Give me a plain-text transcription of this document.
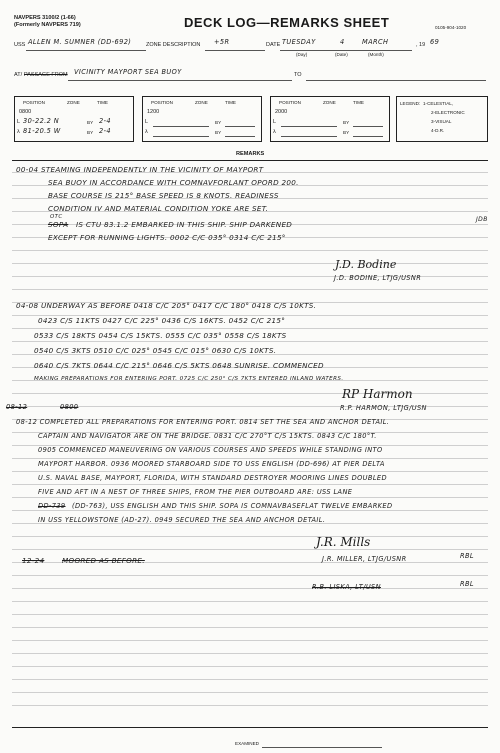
NAVPERS 3100/2 (1-66)
(Formerly NAVPERS 719)	DECK LOG—REMARKS SHEET	0105-904-1020
USS ALLEN M. SUMNER (DD-692)	ZONE DESCRIPTION +5R	DATE TUESDAY	4	MARCH	, 19 69
(Day)	(Date)	(Month)
AT/ PASSAGE FROM VICINITY MAYPORT SEA BUOY	TO
POSITION	ZONE	TIME
0800
L 30-22.2 N	BY 2-4
λ 81-20.5 W	BY 2-4
POSITION	ZONE	TIME
1200
L	BY
λ	BY
POSITION	ZONE	TIME
2000
L	BY
λ	BY
LEGEND: 1-CELESTIAL,
2-ELECTRONIC
3-VISUAL
4-D.R.
REMARKS
00-04 STEAMING INDEPENDENTLY IN THE VICINITY OF MAYPORT
SEA BUOY IN ACCORDANCE WITH COMNAVFORLANT OPORD 200.
BASE COURSE IS 215° BASE SPEED IS 8 KNOTS. READINESS
CONDITION IV AND MATERIAL CONDITION YOKE ARE SET.
OTC
SOPA IS CTU 83.1.2 EMBARKED IN THIS SHIP. SHIP DARKENED
EXCEPT FOR RUNNING LIGHTS. 0002 C/C 035° 0314 C/C 215°
JDB
J.D. Bodine
J.D. BODINE, LTJG/USNR
04-08 UNDERWAY AS BEFORE 0418 C/C 205° 0417 C/C 180° 0418 C/S 10KTS.
0423 C/S 11KTS 0427 C/C 225° 0436 C/S 16KTS. 0452 C/C 215°
0533 C/S 18KTS 0454 C/S 15KTS. 0555 C/C 035° 0558 C/S 18KTS
0540 C/S 3KTS 0510 C/C 025° 0545 C/C 015° 0630 C/S 10KTS.
0640 C/S 7KTS 0644 C/C 215° 0646 C/S 5KTS 0648 SUNRISE. COMMENCED
MAKING PREPARATIONS FOR ENTERING PORT. 0725 C/C 250° C/S 7KTS ENTERED INLAND WATERS.
RP Harmon
R.P. HARMON, LTJG/USN
08-12	0800
08-12 COMPLETED ALL PREPARATIONS FOR ENTERING PORT. 0814 SET THE SEA AND ANCHOR DETAIL.
CAPTAIN AND NAVIGATOR ARE ON THE BRIDGE. 0831 C/C 270°T C/S 15KTS. 0843 C/C 180°T.
0905 COMMENCED MANEUVERING ON VARIOUS COURSES AND SPEEDS WHILE STANDING INTO
MAYPORT HARBOR. 0936 MOORED STARBOARD SIDE TO USS ENGLISH (DD-696) AT PIER DELTA
U.S. NAVAL BASE, MAYPORT, FLORIDA, WITH STANDARD DESTROYER MOORING LINES DOUBLED
FIVE AND AFT IN A NEST OF THREE SHIPS, FROM THE PIER OUTBOARD ARE: USS LANE
DD-739 (DD-763), USS ENGLISH AND THIS SHIP. SOPA IS COMNAVBASEFLAT TWELVE EMBARKED
IN USS YELLOWSTONE (AD-27). 0949 SECURED THE SEA AND ANCHOR DETAIL.
J.R. Mills
J.R. MILLER, LTJG/USNR	RBL
12-24 MOORED AS BEFORE.
R.B. LISKA, LT/USN	RBL
EXAMINED
